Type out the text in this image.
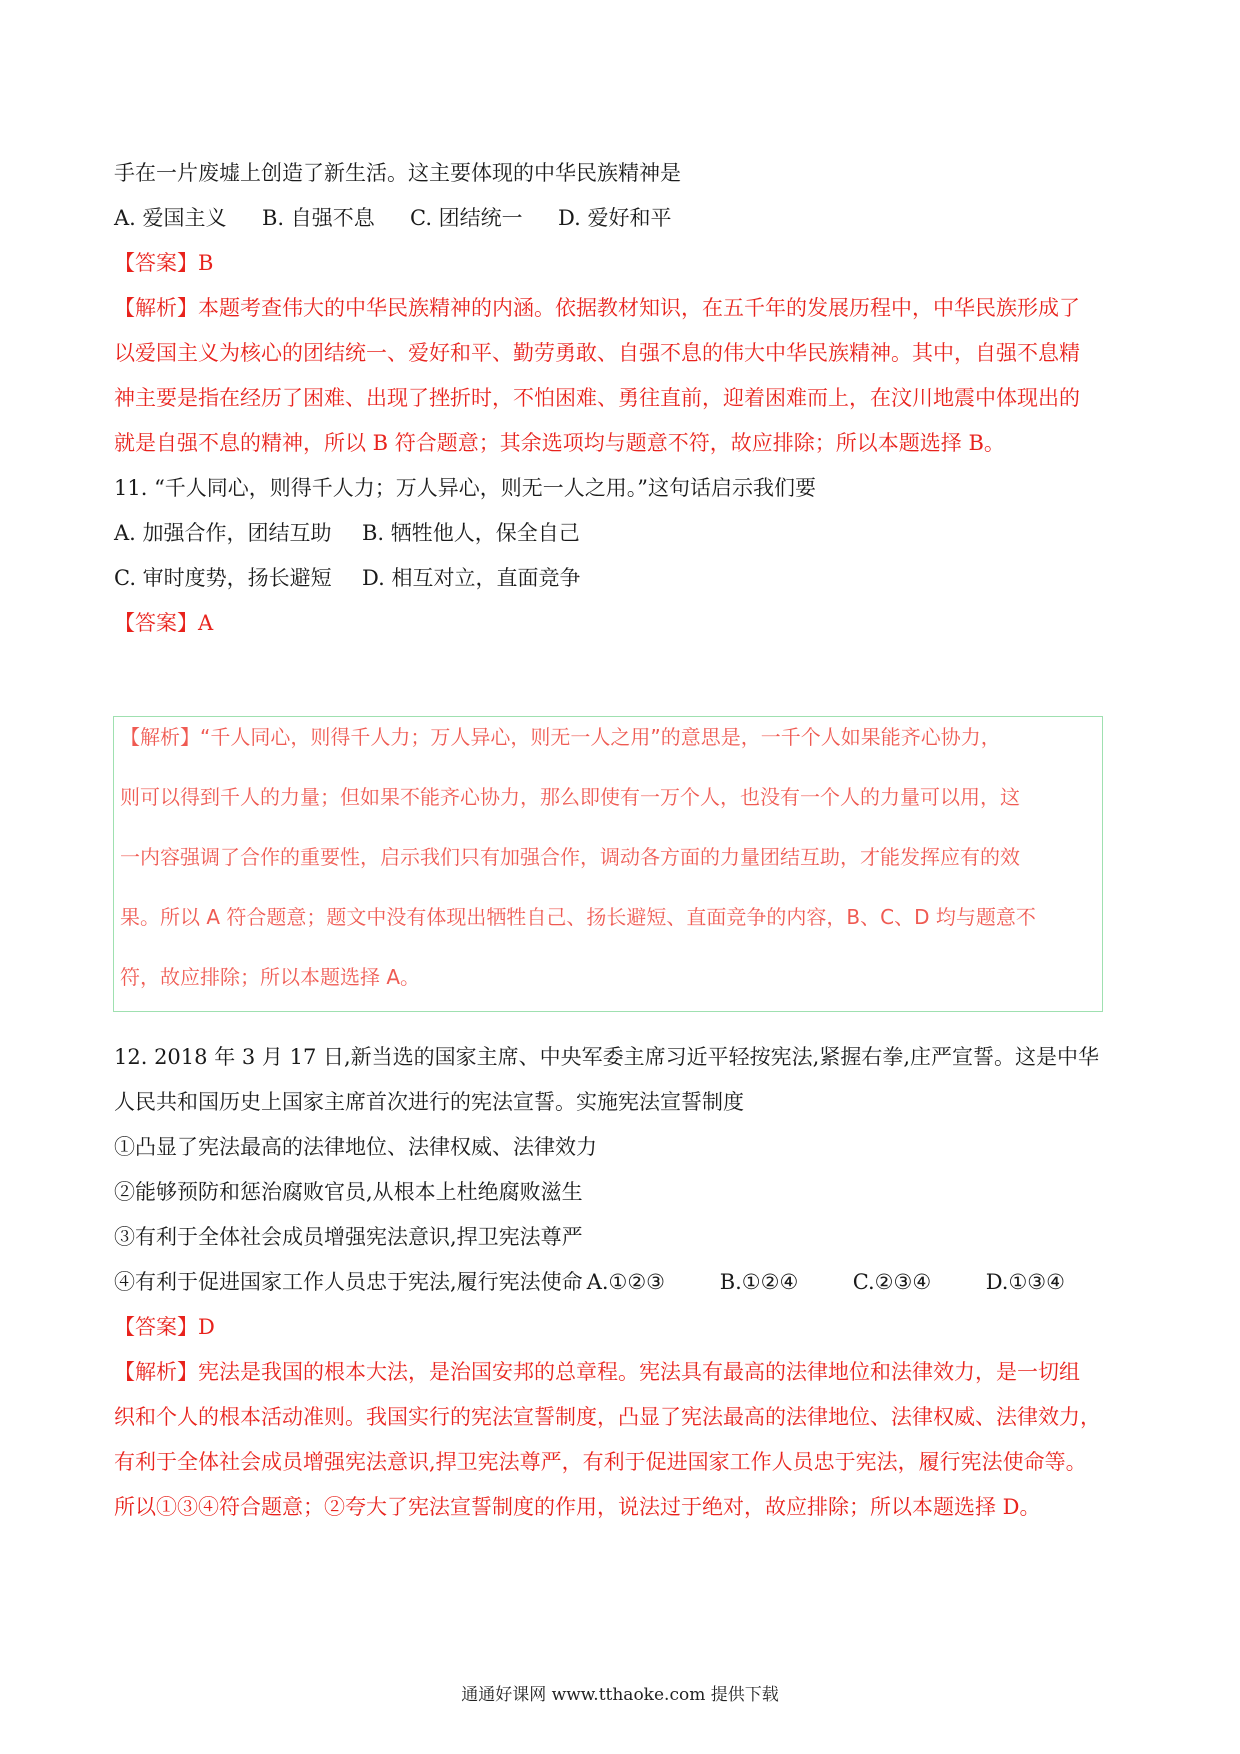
手在一片废墟上创造了新生活。这主要体现的中华民族精神是
A. 爱国主义 B. 自强不息 C. 团结统一 D. 爱好和平
【答案】B
【解析】本题考查伟大的中华民族精神的内涵。依据教材知识，在五千年的发展历程中，中华民族形成了
以爱国主义为核心的团结统一、爱好和平、勤劳勇敢、自强不息的伟大中华民族精神。其中，自强不息精
神主要是指在经历了困难、出现了挫折时，不怕困难、勇往直前，迎着困难而上，在汶川地震中体现出的
就是自强不息的精神，所以 B 符合题意；其余选项均与题意不符，故应排除；所以本题选择 B。
11. “千人同心，则得千人力；万人异心，则无一人之用。”这句话启示我们要
A. 加强合作，团结互助 B. 牺牲他人，保全自己
C. 审时度势，扬长避短 D. 相互对立，直面竞争
【答案】A
【解析】“千人同心，则得千人力；万人异心，则无一人之用”的意思是，一千个人如果能齐心协力，
则可以得到千人的力量；但如果不能齐心协力，那么即使有一万个人，也没有一个人的力量可以用，这
一内容强调了合作的重要性，启示我们只有加强合作，调动各方面的力量团结互助，才能发挥应有的效
果。所以 A 符合题意；题文中没有体现出牺牲自己、扬长避短、直面竞争的内容，B、C、D 均与题意不
符，故应排除；所以本题选择 A。
12. 2018 年 3 月 17 日,新当选的国家主席、中央军委主席习近平轻按宪法,紧握右拳,庄严宣誓。这是中华
人民共和国历史上国家主席首次进行的宪法宣誓。实施宪法宣誓制度
①凸显了宪法最高的法律地位、法律权威、法律效力
②能够预防和惩治腐败官员,从根本上杜绝腐败滋生
③有利于全体社会成员增强宪法意识,捍卫宪法尊严
④有利于促进国家工作人员忠于宪法,履行宪法使命 A.①②③	B.①②④	C.②③④	D.①③④
【答案】D
【解析】宪法是我国的根本大法，是治国安邦的总章程。宪法具有最高的法律地位和法律效力，是一切组
织和个人的根本活动准则。我国实行的宪法宣誓制度，凸显了宪法最高的法律地位、法律权威、法律效力，
有利于全体社会成员增强宪法意识,捍卫宪法尊严，有利于促进国家工作人员忠于宪法，履行宪法使命等。
所以①③④符合题意；②夸大了宪法宣誓制度的作用，说法过于绝对，故应排除；所以本题选择 D。
通通好课网 www.tthaoke.com 提供下载
